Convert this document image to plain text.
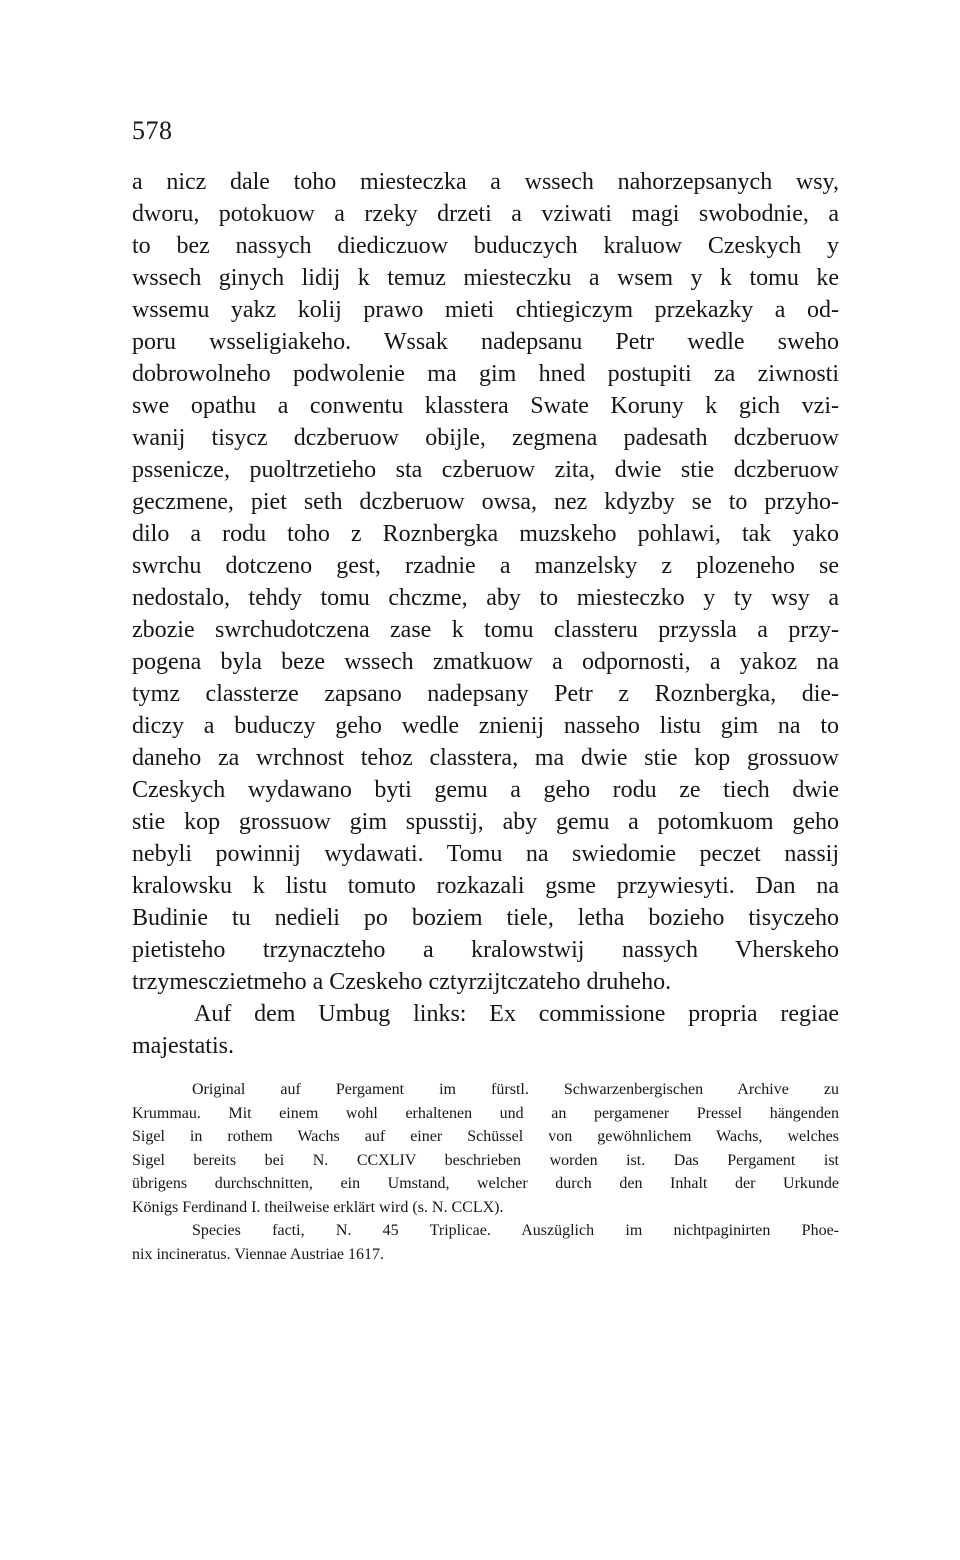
578
a nicz dale toho miesteczka a wssech nahorzepsanych wsy,
dworu, potokuow a rzeky drzeti a vziwati magi swobodnie, a
to bez nassych diediczuow buduczych kraluow Czeskych y
wssech ginych lidij k temuz miesteczku a wsem y k tomu ke
wssemu yakz kolij prawo mieti chtiegiczym przekazky a od-
poru wsseligiakeho. Wssak nadepsanu Petr wedle sweho
dobrowolneho podwolenie ma gim hned postupiti za ziwnosti
swe opathu a conwentu klasstera Swate Koruny k gich vzi-
wanij tisycz dczberuow obijle, zegmena padesath dczberuow
pssenicze, puoltrzetieho sta czberuow zita, dwie stie dczberuow
geczmene, piet seth dczberuow owsa, nez kdyzby se to przyho-
dilo a rodu toho z Roznbergka muzskeho pohlawi, tak yako
swrchu dotczeno gest, rzadnie a manzelsky z plozeneho se
nedostalo, tehdy tomu chczme, aby to miesteczko y ty wsy a
zbozie swrchudotczena zase k tomu classteru przyssla a przy-
pogena byla beze wssech zmatkuow a odpornosti, a yakoz na
tymz classterze zapsano nadepsany Petr z Roznbergka, die-
diczy a buduczy geho wedle znienij nasseho listu gim na to
daneho za wrchnost tehoz classtera, ma dwie stie kop grossuow
Czeskych wydawano byti gemu a geho rodu ze tiech dwie
stie kop grossuow gim spusstij, aby gemu a potomkuom geho
nebyli powinnij wydawati. Tomu na swiedomie peczet nassij
kralowsku k listu tomuto rozkazali gsme przywiesyti. Dan na
Budinie tu nedieli po boziem tiele, letha bozieho tisyczeho
pietisteho trzynaczteho a kralowstwij nassych Vherskeho
trzymesczietmeho a Czeskeho cztyrzijtczateho druheho.
Auf dem Umbug links: Ex commissione propria regiae
majestatis.
Original auf Pergament im fürstl. Schwarzenbergischen Archive zu
Krummau. Mit einem wohl erhaltenen und an pergamener Pressel hängenden
Sigel in rothem Wachs auf einer Schüssel von gewöhnlichem Wachs, welches
Sigel bereits bei N. CCXLIV beschrieben worden ist. Das Pergament ist
übrigens durchschnitten, ein Umstand, welcher durch den Inhalt der Urkunde
Königs Ferdinand I. theilweise erklärt wird (s. N. CCLX).
Species facti, N. 45 Triplicae. Auszüglich im nichtpaginirten Phoe-
nix incineratus. Viennae Austriae 1617.
